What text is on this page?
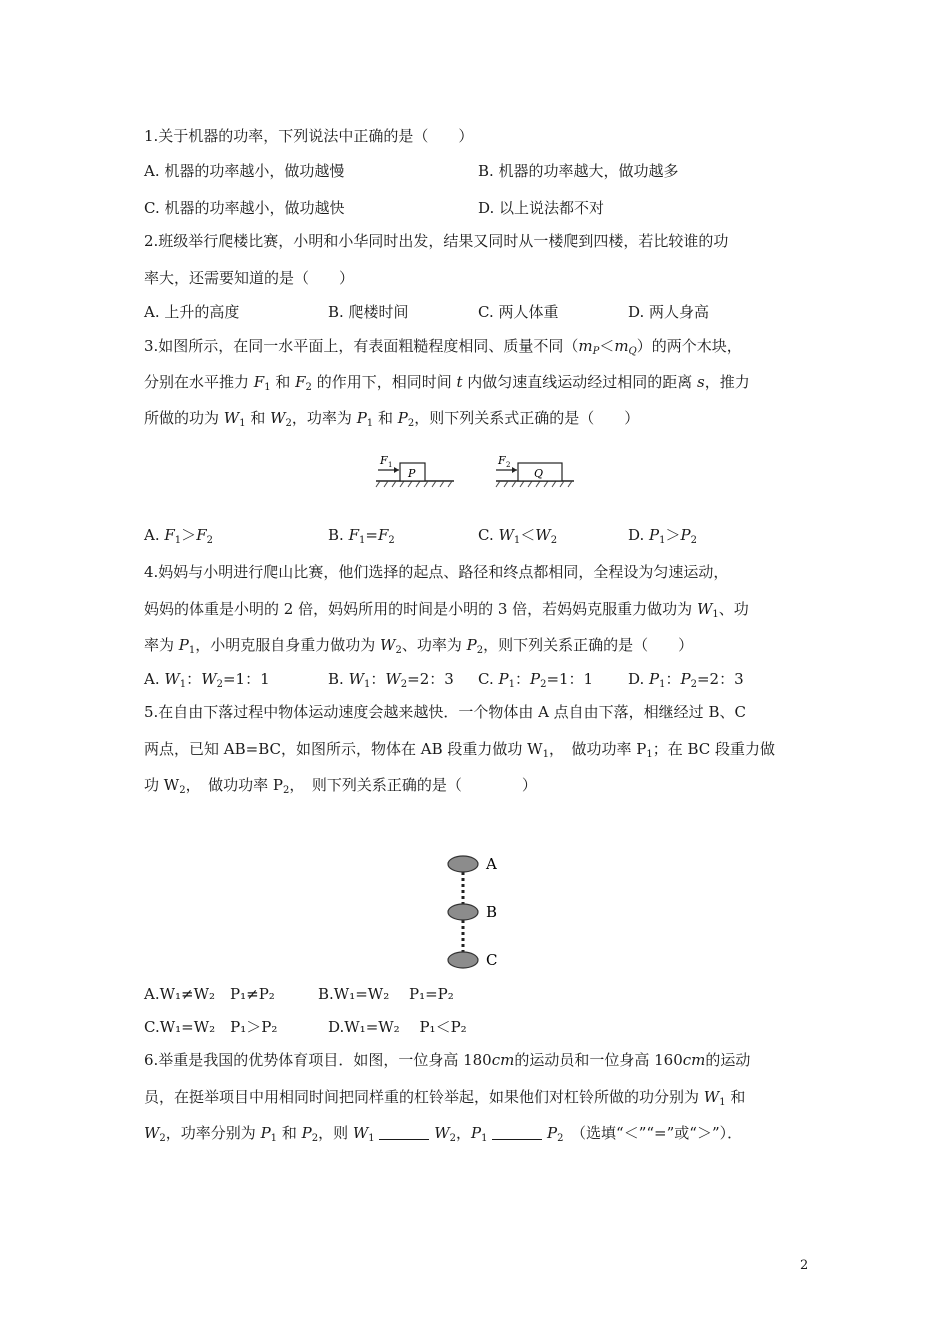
1.关于机器的功率，下列说法中正确的是（　　）
A. 机器的功率越小，做功越慢	B. 机器的功率越大，做功越多
C. 机器的功率越小，做功越快	D. 以上说法都不对
2.班级举行爬楼比赛，小明和小华同时出发，结果又同时从一楼爬到四楼，若比较谁的功
率大，还需要知道的是（　　）
A. 上升的高度	B. 爬楼时间	C. 两人体重	D. 两人身高
3.如图所示，在同一水平面上，有表面粗糙程度相同、质量不同$(m_P<m_Q)$的两个木块，
分别在水平推力 $F_1$ 和 $F_2$ 的作用下，相同时间 t 内做匀速直线运动经过相同的距离 s，推力
所做的功为 $W_1$ 和 $W_2$，功率为 $P_1$ 和 $P_2$，则下列关系式正确的是（　　）
F 1
P
F 2
Q
A. $F_1>F_2$	B. $F_1=F_2$	C. $W_1<W_2$	D. $P_1>P_2$
4.妈妈与小明进行爬山比赛，他们选择的起点、路径和终点都相同，全程设为匀速运动，
妈妈的体重是小明的 2 倍，妈妈所用的时间是小明的 3 倍，若妈妈克服重力做功为 $W_1$、功
率为 $P_1$，小明克服自身重力做功为 $W_2$、功率为 $P_2$，则下列关系正确的是（　　）
A. $W_1$：$W_2=1$：1	B. $W_1$：$W_2=2$：3 C. $P_1$：$P_2=1$：1 D. $P_1$：$P_2=2$：3
5.在自由下落过程中物体运动速度会越来越快．一个物体由 A 点自由下落，相继经过 B、C
两点，已知 AB=BC，如图所示，物体在 AB 段重力做功 $W_1$，　做功功率 $P_1$；在 BC 段重力做
功 $W_2$，　做功功率 $P_2$，　则下列关系正确的是（　　　　）
A
B
C
A.W₁≠W₂　P₁≠P₂	B.W₁=W₂　 P₁=P₂
C.W₁=W₂　P₁＞P₂	D.W₁=W₂　 P₁＜P₂
6.举重是我国的优势体育项目．如图，一位身高 180cm的运动员和一位身高 160cm的运动
员，在挺举项目中用相同时间把同样重的杠铃举起，如果他们对杠铃所做的功分别为 $W_1$ 和
$W_2$，功率分别为 $P_1$ 和 $P_2$，则 $W_1$	$W_2$，$P_1$	$P_2$　 （选填“＜”“=”或“＞”）．
2
